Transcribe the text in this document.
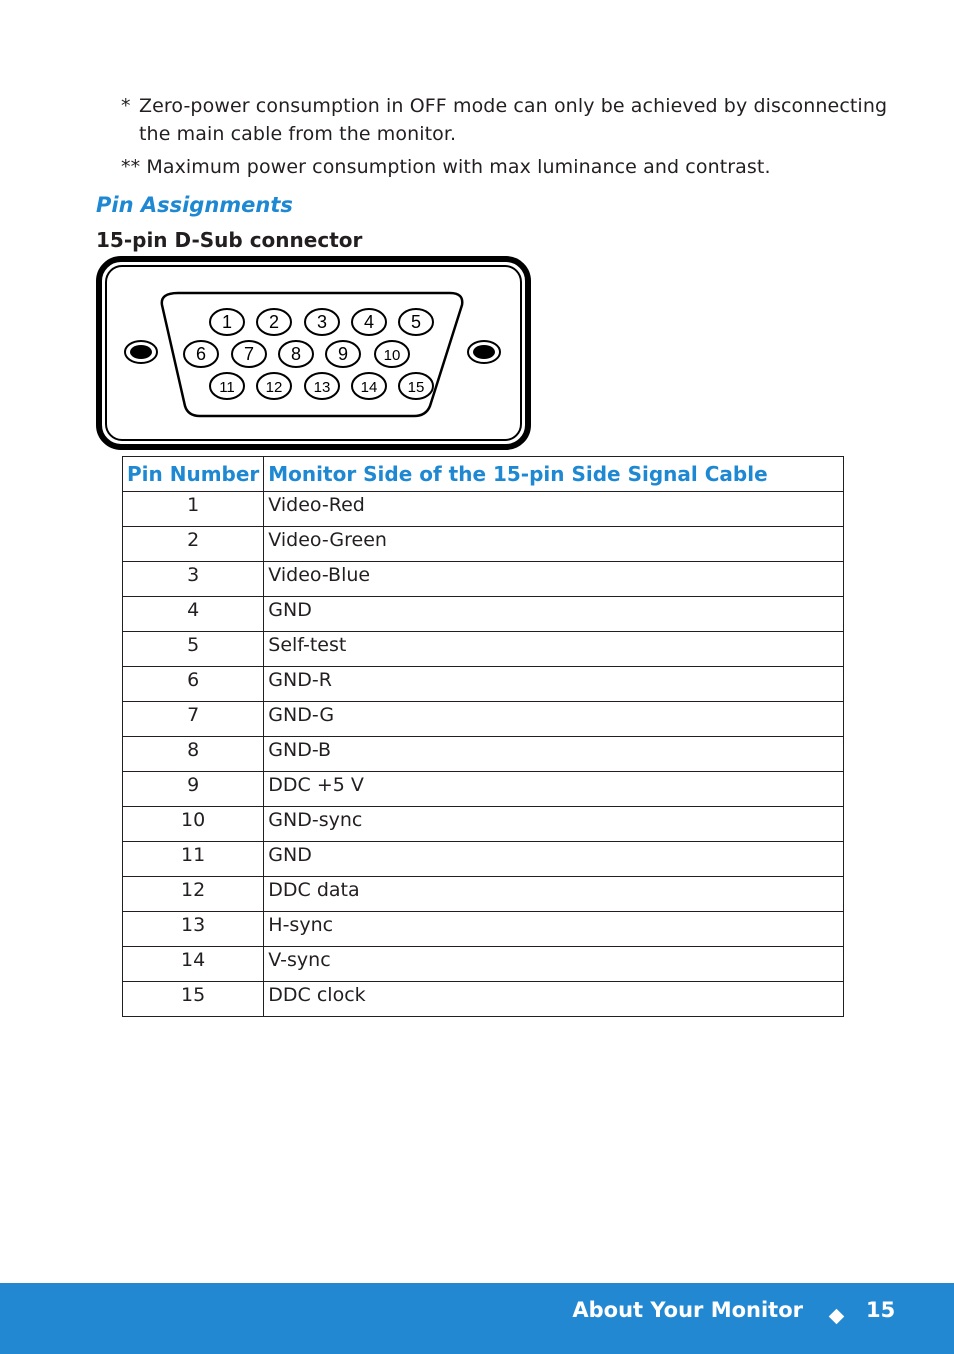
* Zero-power consumption in OFF mode can only be achieved by disconnecting the main cable from the monitor.
** Maximum power consumption with max luminance and contrast.
Pin Assignments
15-pin D-Sub connector
1 2 3 4 5
6 7 8 9 10
11 12 13 14 15
Pin Number	Monitor Side of the 15-pin Side Signal Cable
1	Video-Red
2	Video-Green
3	Video-Blue
4	GND
5	Self-test
6	GND-R
7	GND-G
8	GND-B
9	DDC +5 V
10	GND-sync
11	GND
12	DDC data
13	H-sync
14	V-sync
15	DDC clock
About Your Monitor	15
